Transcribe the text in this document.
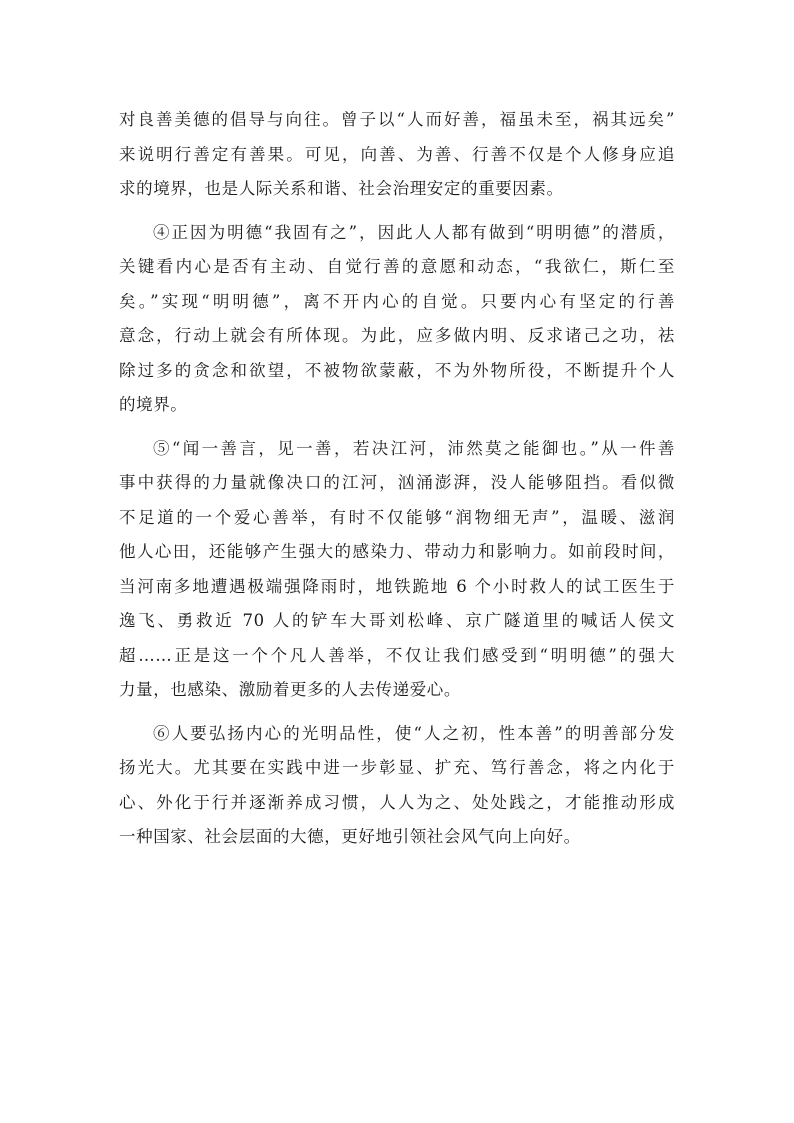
对良善美德的倡导与向往。曾子以“人而好善，福虽未至，祸其远矣”
来说明行善定有善果。可见，向善、为善、行善不仅是个人修身应追
求的境界，也是人际关系和谐、社会治理安定的重要因素。
④正因为明德“我固有之”，因此人人都有做到“明明德”的潜质，
关键看内心是否有主动、自觉行善的意愿和动态，“我欲仁，斯仁至
矣。”实现“明明德”，离不开内心的自觉。只要内心有坚定的行善
意念，行动上就会有所体现。为此，应多做内明、反求诸己之功，祛
除过多的贪念和欲望，不被物欲蒙蔽，不为外物所役，不断提升个人
的境界。
⑤“闻一善言，见一善，若决江河，沛然莫之能御也。”从一件善
事中获得的力量就像决口的江河，汹涌澎湃，没人能够阻挡。看似微
不足道的一个爱心善举，有时不仅能够“润物细无声”，温暖、滋润
他人心田，还能够产生强大的感染力、带动力和影响力。如前段时间，
当河南多地遭遇极端强降雨时，地铁跪地 6 个小时救人的试工医生于
逸飞、勇救近 70 人的铲车大哥刘松峰、京广隧道里的喊话人侯文
超……正是这一个个凡人善举，不仅让我们感受到“明明德”的强大
力量，也感染、激励着更多的人去传递爱心。
⑥人要弘扬内心的光明品性，使“人之初，性本善”的明善部分发
扬光大。尤其要在实践中进一步彰显、扩充、笃行善念，将之内化于
心、外化于行并逐渐养成习惯，人人为之、处处践之，才能推动形成
一种国家、社会层面的大德，更好地引领社会风气向上向好。
